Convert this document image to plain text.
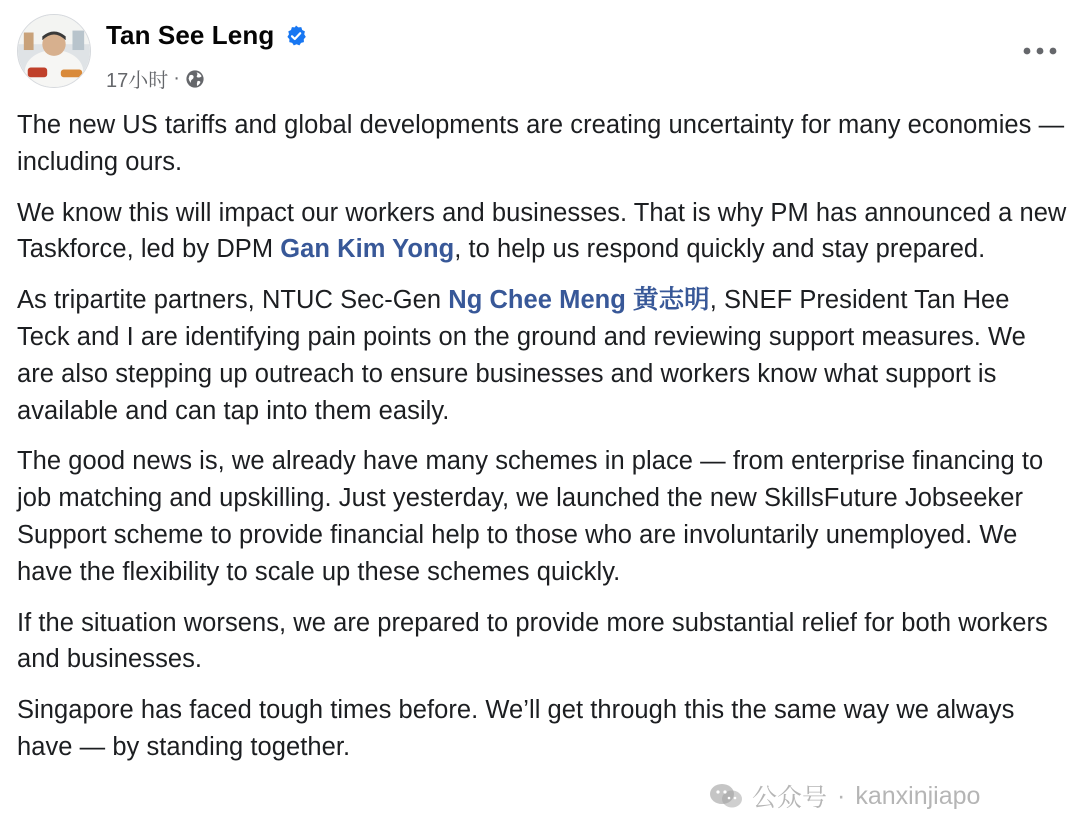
Tan See Leng
17小时 ·

The new US tariffs and global developments are creating uncertainty for many economies — including ours.

We know this will impact our workers and businesses. That is why PM has announced a new Taskforce, led by DPM Gan Kim Yong, to help us respond quickly and stay prepared.

As tripartite partners, NTUC Sec-Gen Ng Chee Meng 黄志明, SNEF President Tan Hee Teck and I are identifying pain points on the ground and reviewing support measures. We are also stepping up outreach to ensure businesses and workers know what support is available and can tap into them easily.

The good news is, we already have many schemes in place — from enterprise financing to job matching and upskilling. Just yesterday, we launched the new SkillsFuture Jobseeker Support scheme to provide financial help to those who are involuntarily unemployed. We have the flexibility to scale up these schemes quickly.

If the situation worsens, we are prepared to provide more substantial relief for both workers and businesses.

Singapore has faced tough times before. We’ll get through this the same way we always have — by standing together.

公众号 · kanxinjiapo
